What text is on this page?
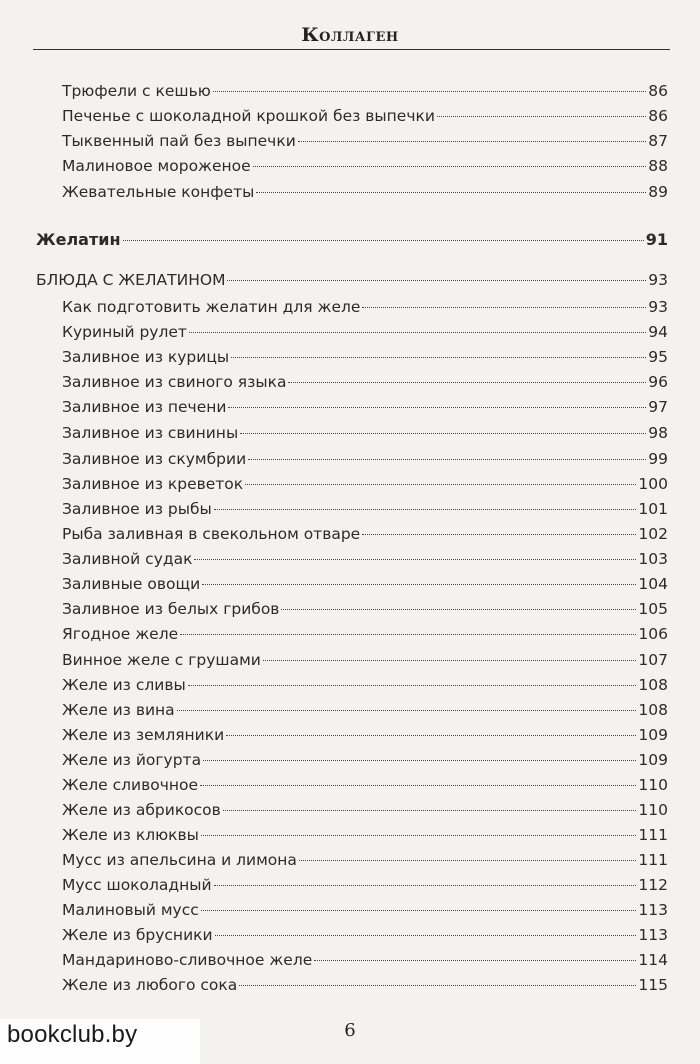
Коллаген
Трюфели с кешью	86
Печенье с шоколадной крошкой без выпечки	86
Тыквенный пай без выпечки	87
Малиновое мороженое	88
Жевательные конфеты	89
Желатин	91
БЛЮДА С ЖЕЛАТИНОМ	93
Как подготовить желатин для желе	93
Куриный рулет	94
Заливное из курицы	95
Заливное из свиного языка	96
Заливное из печени	97
Заливное из свинины	98
Заливное из скумбрии	99
Заливное из креветок	100
Заливное из рыбы	101
Рыба заливная в свекольном отваре	102
Заливной судак	103
Заливные овощи	104
Заливное из белых грибов	105
Ягодное желе	106
Винное желе с грушами	107
Желе из сливы	108
Желе из вина	108
Желе из земляники	109
Желе из йогурта	109
Желе сливочное	110
Желе из абрикосов	110
Желе из клюквы	111
Мусс из апельсина и лимона	111
Мусс шоколадный	112
Малиновый мусс	113
Желе из брусники	113
Мандариново-сливочное желе	114
Желе из любого сока	115
6
bookclub.by
